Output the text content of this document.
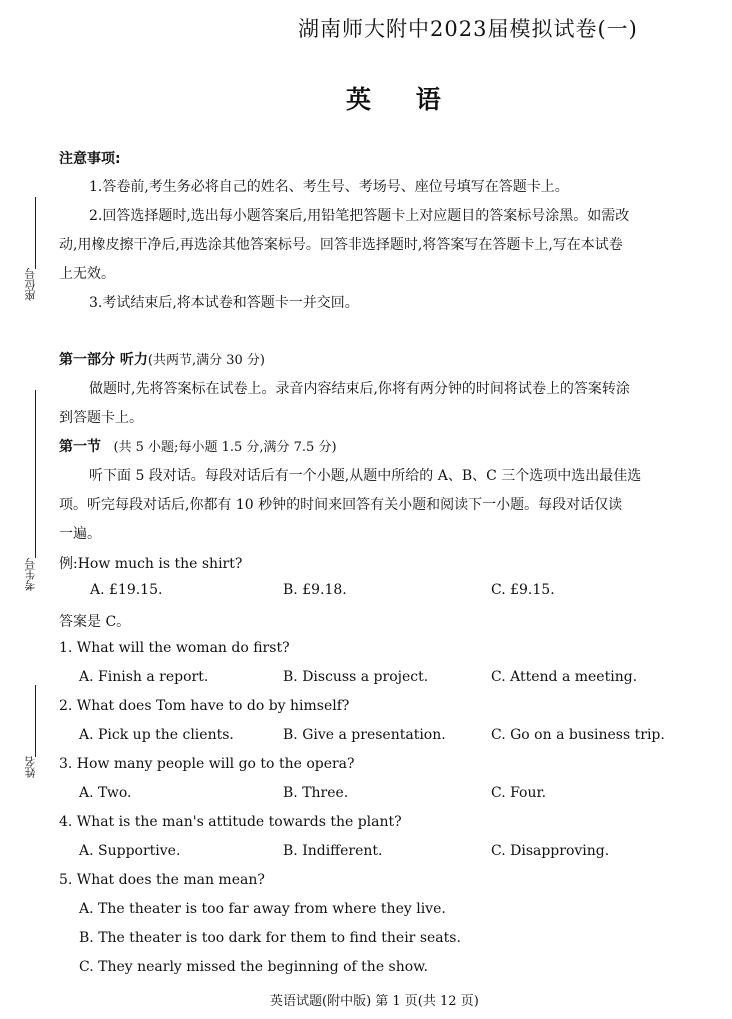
湖南师大附中2023届模拟试卷(一)
英 语
座位号
考生号
姓名
注意事项:
1.答卷前,考生务必将自己的姓名、考生号、考场号、座位号填写在答题卡上。
2.回答选择题时,选出每小题答案后,用铅笔把答题卡上对应题目的答案标号涂黑。如需改
动,用橡皮擦干净后,再选涂其他答案标号。回答非选择题时,将答案写在答题卡上,写在本试卷
上无效。
3.考试结束后,将本试卷和答题卡一并交回。
第一部分 听力(共两节,满分 30 分)
做题时,先将答案标在试卷上。录音内容结束后,你将有两分钟的时间将试卷上的答案转涂
到答题卡上。
第一节 (共 5 小题;每小题 1.5 分,满分 7.5 分)
听下面 5 段对话。每段对话后有一个小题,从题中所给的 A、B、C 三个选项中选出最佳选
项。听完每段对话后,你都有 10 秒钟的时间来回答有关小题和阅读下一小题。每段对话仅读
一遍。
例:How much is the shirt?
A. £19.15.	B. £9.18.	C. £9.15.
答案是 C。
1. What will the woman do first?
A. Finish a report.	B. Discuss a project.	C. Attend a meeting.
2. What does Tom have to do by himself?
A. Pick up the clients.	B. Give a presentation.	C. Go on a business trip.
3. How many people will go to the opera?
A. Two.	B. Three.	C. Four.
4. What is the man's attitude towards the plant?
A. Supportive.	B. Indifferent.	C. Disapproving.
5. What does the man mean?
A. The theater is too far away from where they live.
B. The theater is too dark for them to find their seats.
C. They nearly missed the beginning of the show.
英语试题(附中版) 第 1 页(共 12 页)
